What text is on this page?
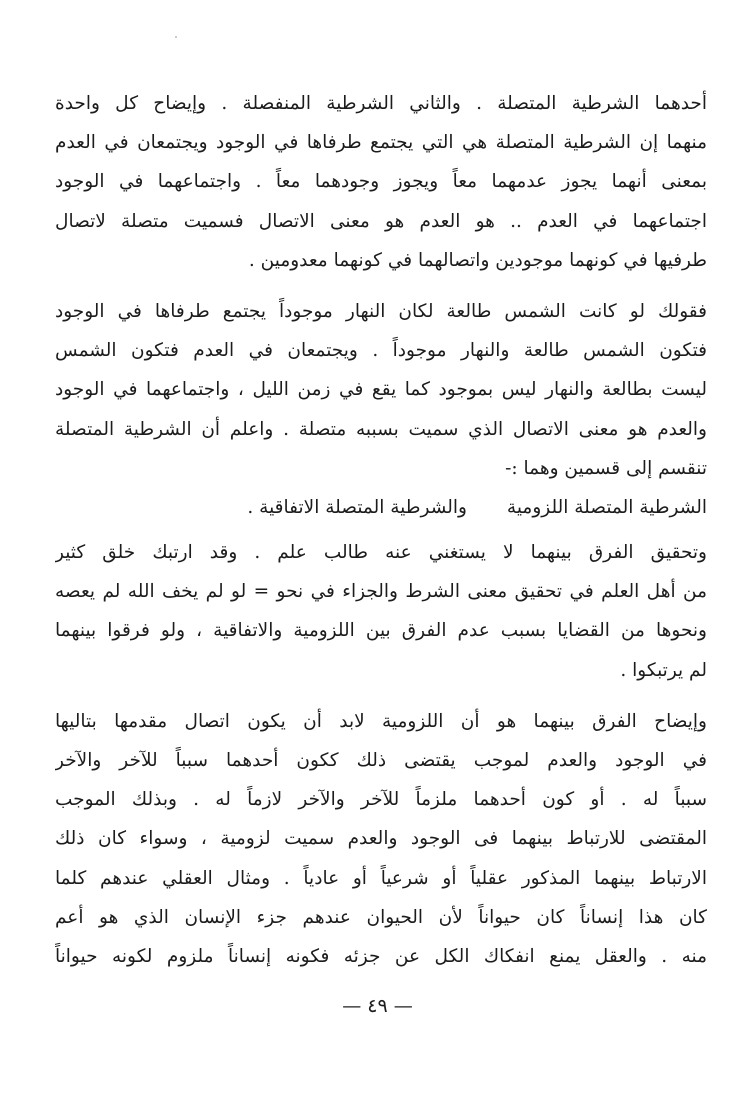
أحدهما الشرطية المتصلة . والثاني الشرطية المنفصلة . وإيضاح كل واحدة
منهما إن الشرطية المتصلة هي التي يجتمع طرفاها في الوجود ويجتمعان في العدم
بمعنى أنهما يجوز عدمهما معاً ويجوز وجودهما معاً . واجتماعهما في الوجود
اجتماعهما في العدم .. هو العدم هو معنى الاتصال فسميت متصلة لاتصال
طرفيها في كونهما موجودين واتصالهما في كونهما معدومين .
فقولك لو كانت الشمس طالعة لكان النهار موجوداً يجتمع طرفاها في الوجود
فتكون الشمس طالعة والنهار موجوداً . ويجتمعان في العدم فتكون الشمس
ليست بطالعة والنهار ليس بموجود كما يقع في زمن الليل ، واجتماعهما في الوجود
والعدم هو معنى الاتصال الذي سميت بسببه متصلة . واعلم أن الشرطية المتصلة
تنقسم إلى قسمين وهما :-
الشرطية المتصلة اللزومية
والشرطية المتصلة الاتفاقية .
وتحقيق الفرق بينهما لا يستغني عنه طالب علم . وقد ارتبك خلق كثير
من أهل العلم في تحقيق معنى الشرط والجزاء في نحو = لو لم يخف الله لم يعصه
ونحوها من القضايا بسبب عدم الفرق بين اللزومية والاتفاقية ، ولو فرقوا بينهما
لم يرتبكوا .
وإيضاح الفرق بينهما هو أن اللزومية لابد أن يكون اتصال مقدمها بتاليها
في الوجود والعدم لموجب يقتضى ذلك ككون أحدهما سبباً للآخر والآخر
سبباً له . أو كون أحدهما ملزماً للآخر والآخر لازماً له . وبذلك الموجب
المقتضى للارتباط بينهما فى الوجود والعدم سميت لزومية ، وسواء كان ذلك
الارتباط بينهما المذكور عقلياً أو شرعياً أو عادياً . ومثال العقلي عندهم كلما
كان هذا إنساناً كان حيواناً لأن الحيوان عندهم جزء الإنسان الذي هو أعم
منه . والعقل يمنع انفكاك الكل عن جزئه فكونه إنساناً ملزوم لكونه حيواناً
— ٤٩ —
